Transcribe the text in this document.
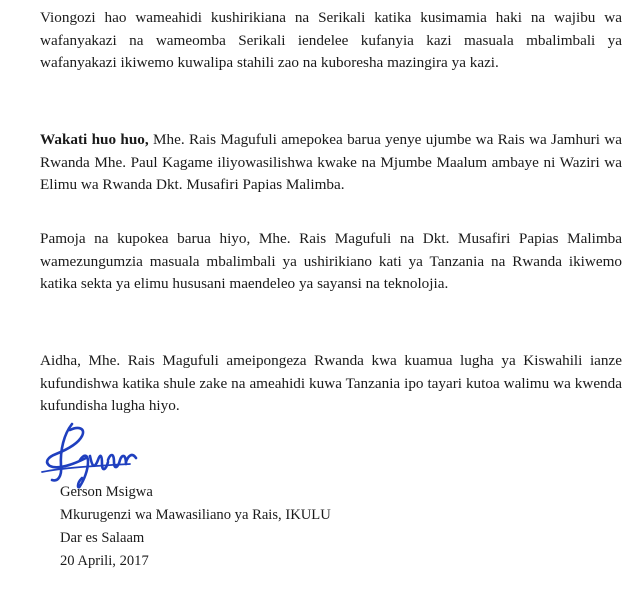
Viongozi hao wameahidi kushirikiana na Serikali katika kusimamia haki na wajibu wa wafanyakazi na wameomba Serikali iendelee kufanyia kazi masuala mbalimbali ya wafanyakazi ikiwemo kuwalipa stahili zao na kuboresha mazingira ya kazi.

Wakati huo huo, Mhe. Rais Magufuli amepokea barua yenye ujumbe wa Rais wa Jamhuri wa Rwanda Mhe. Paul Kagame iliyowasilishwa kwake na Mjumbe Maalum ambaye ni Waziri wa Elimu wa Rwanda Dkt. Musafiri Papias Malimba.

Pamoja na kupokea barua hiyo, Mhe. Rais Magufuli na Dkt. Musafiri Papias Malimba wamezungumzia masuala mbalimbali ya ushirikiano kati ya Tanzania na Rwanda ikiwemo katika sekta ya elimu hususani maendeleo ya sayansi na teknolojia.

Aidha, Mhe. Rais Magufuli ameipongeza Rwanda kwa kuamua lugha ya Kiswahili ianze kufundishwa katika shule zake na ameahidi kuwa Tanzania ipo tayari kutoa walimu wa kwenda kufundisha lugha hiyo.

Gerson Msigwa

Mkurugenzi wa Mawasiliano ya Rais, IKULU

Dar es Salaam

20 Aprili, 2017
